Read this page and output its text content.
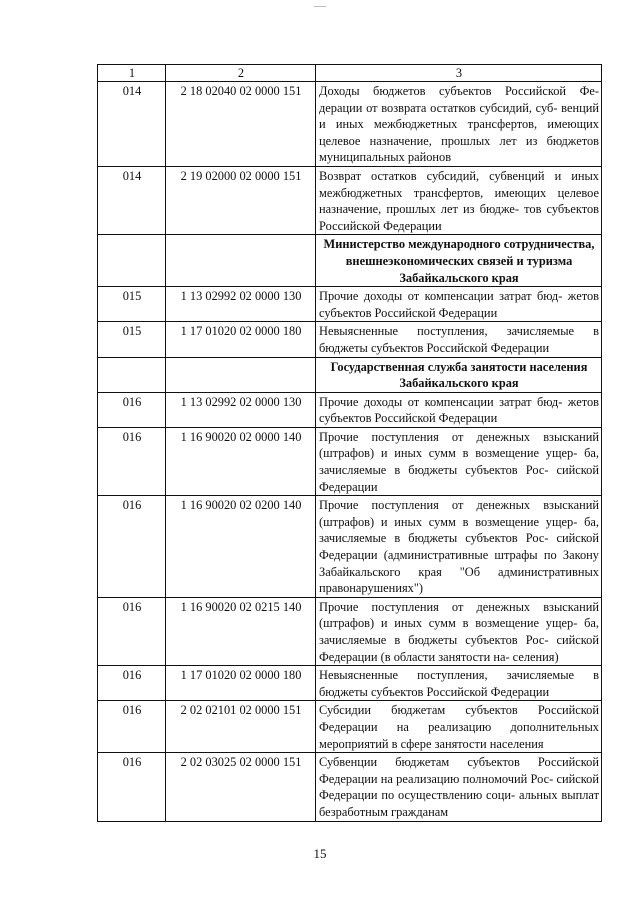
1	2	3
014	2 18 02040 02 0000 151	Доходы бюджетов субъектов Российской Фе- дерации от возврата остатков субсидий, суб- венций и иных межбюджетных трансфертов, имеющих целевое назначение, прошлых лет из бюджетов муниципальных районов
014	2 19 02000 02 0000 151	Возврат остатков субсидий, субвенций и иных межбюджетных трансфертов, имеющих целевое назначение, прошлых лет из бюдже- тов субъектов Российской Федерации
		Министерство международного сотрудничества, внешнеэкономических связей и туризма Забайкальского края
015	1 13 02992 02 0000 130	Прочие доходы от компенсации затрат бюд- жетов субъектов Российской Федерации
015	1 17 01020 02 0000 180	Невыясненные поступления, зачисляемые в бюджеты субъектов Российской Федерации
		Государственная служба занятости населения Забайкальского края
016	1 13 02992 02 0000 130	Прочие доходы от компенсации затрат бюд- жетов субъектов Российской Федерации
016	1 16 90020 02 0000 140	Прочие поступления от денежных взысканий (штрафов) и иных сумм в возмещение ущер- ба, зачисляемые в бюджеты субъектов Рос- сийской Федерации
016	1 16 90020 02 0200 140	Прочие поступления от денежных взысканий (штрафов) и иных сумм в возмещение ущер- ба, зачисляемые в бюджеты субъектов Рос- сийской Федерации (административные штрафы по Закону Забайкальского края "Об административных правонарушениях")
016	1 16 90020 02 0215 140	Прочие поступления от денежных взысканий (штрафов) и иных сумм в возмещение ущер- ба, зачисляемые в бюджеты субъектов Рос- сийской Федерации (в области занятости на- селения)
016	1 17 01020 02 0000 180	Невыясненные поступления, зачисляемые в бюджеты субъектов Российской Федерации
016	2 02 02101 02 0000 151	Субсидии бюджетам субъектов Российской Федерации на реализацию дополнительных мероприятий в сфере занятости населения
016	2 02 03025 02 0000 151	Субвенции бюджетам субъектов Российской Федерации на реализацию полномочий Рос- сийской Федерации по осуществлению соци- альных выплат безработным гражданам
15
